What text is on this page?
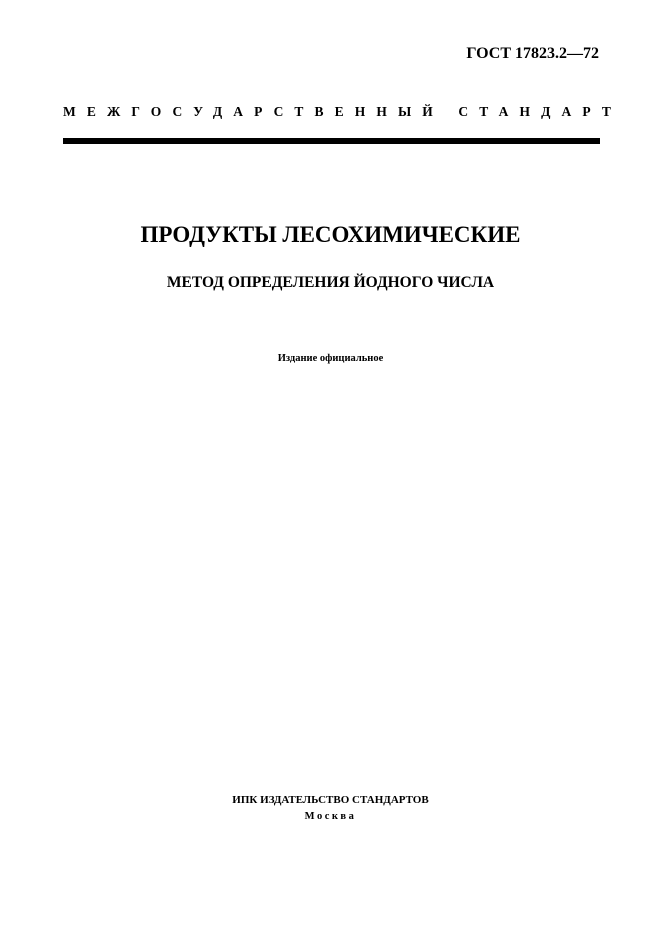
ГОСТ 17823.2—72
МЕЖГОСУДАРСТВЕННЫЙ СТАНДАРТ
ПРОДУКТЫ ЛЕСОХИМИЧЕСКИЕ
МЕТОД ОПРЕДЕЛЕНИЯ ЙОДНОГО ЧИСЛА
Издание официальное
ИПК ИЗДАТЕЛЬСТВО СТАНДАРТОВ
Москва
